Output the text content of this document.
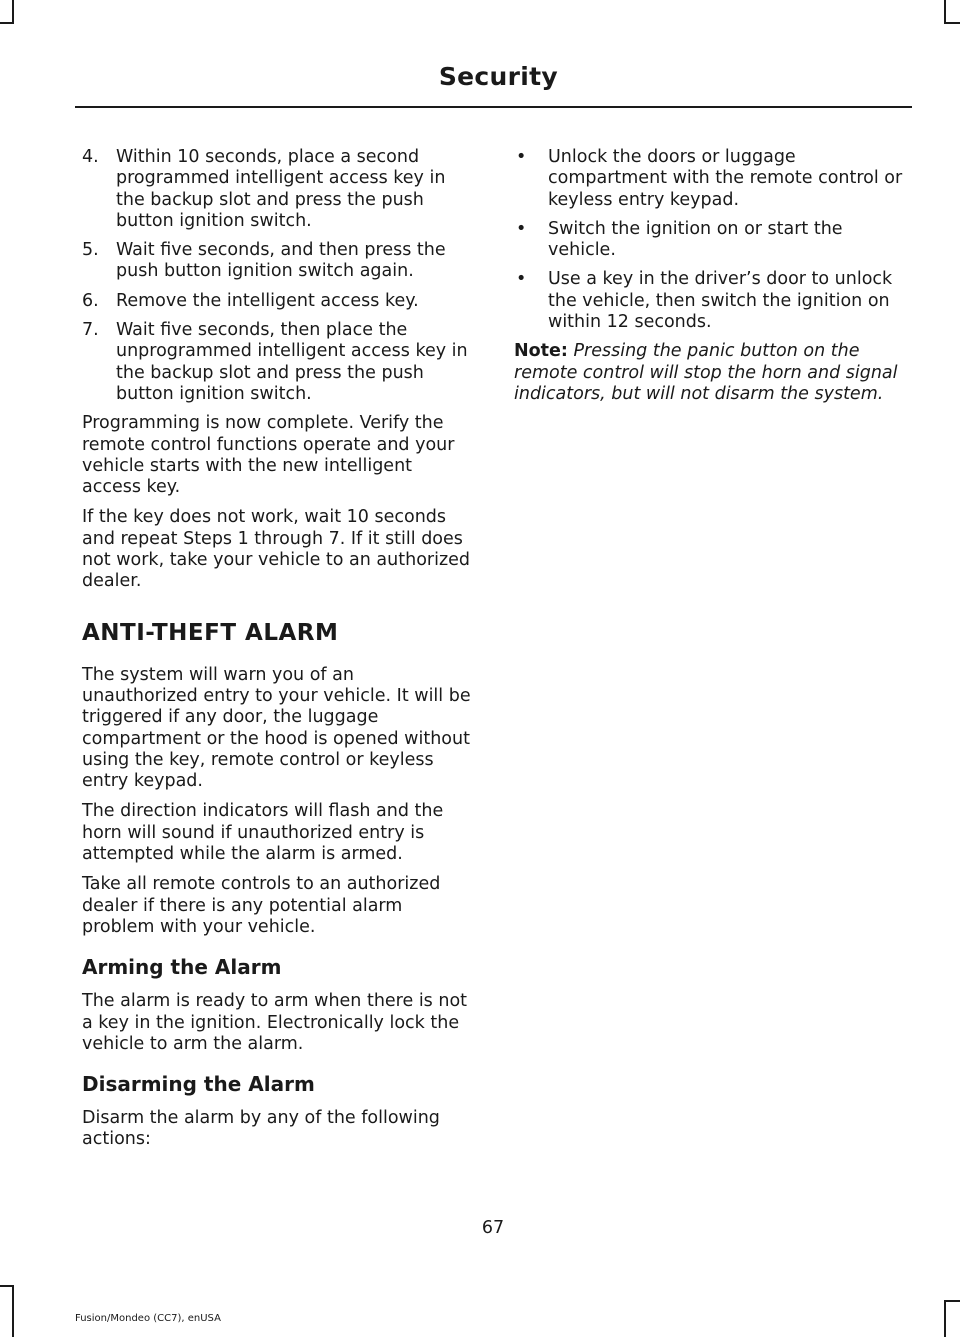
Security
4. Within 10 seconds, place a second programmed intelligent access key in the backup slot and press the push button ignition switch.
5. Wait five seconds, and then press the push button ignition switch again.
6. Remove the intelligent access key.
7. Wait five seconds, then place the unprogrammed intelligent access key in the backup slot and press the push button ignition switch.

Programming is now complete. Verify the remote control functions operate and your vehicle starts with the new intelligent access key.

If the key does not work, wait 10 seconds and repeat Steps 1 through 7. If it still does not work, take your vehicle to an authorized dealer.

ANTI-THEFT ALARM

The system will warn you of an unauthorized entry to your vehicle. It will be triggered if any door, the luggage compartment or the hood is opened without using the key, remote control or keyless entry keypad.

The direction indicators will flash and the horn will sound if unauthorized entry is attempted while the alarm is armed.

Take all remote controls to an authorized dealer if there is any potential alarm problem with your vehicle.

Arming the Alarm

The alarm is ready to arm when there is not a key in the ignition. Electronically lock the vehicle to arm the alarm.

Disarming the Alarm

Disarm the alarm by any of the following actions:

•	Unlock the doors or luggage compartment with the remote control or keyless entry keypad.
•	Switch the ignition on or start the vehicle.
•	Use a key in the driver’s door to unlock the vehicle, then switch the ignition on within 12 seconds.

Note: Pressing the panic button on the remote control will stop the horn and signal indicators, but will not disarm the system.

67
Fusion/Mondeo (CC7), enUSA
